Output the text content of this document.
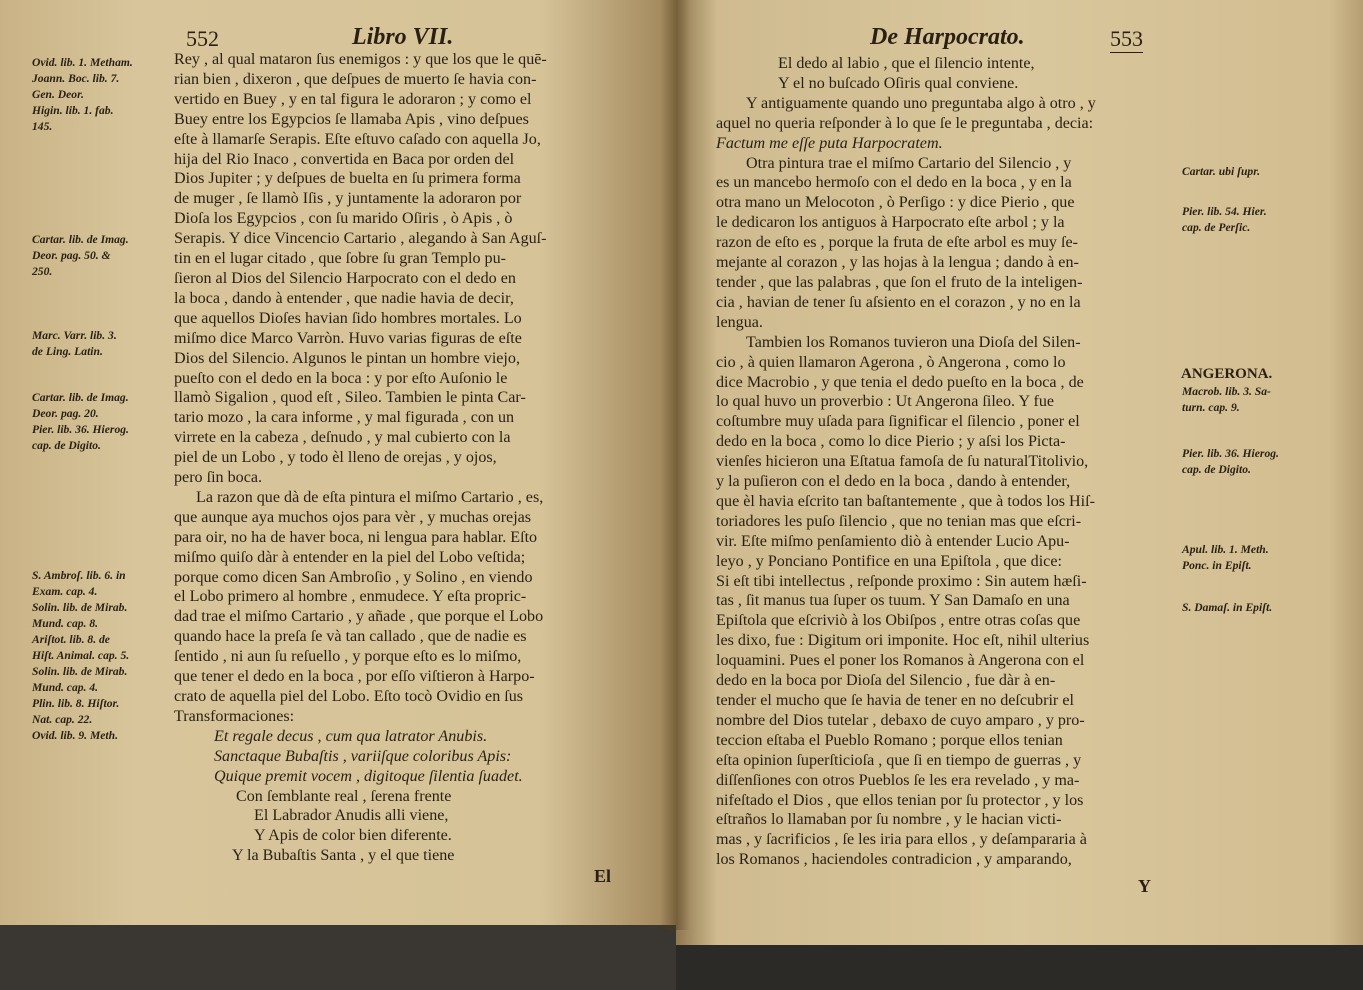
552	Libro VII.
Ovid. lib. 1. Metham.
Joann. Boc. lib. 7.
Gen. Deor.
Higin. lib. 1. fab.
145.
Cartar. lib. de Imag.
Deor. pag. 50. &
250.
Marc. Varr. lib. 3.
de Ling. Latin.
Cartar. lib. de Imag.
Deor. pag. 20.
Pier. lib. 36. Hierog.
cap. de Digito.
S. Ambroſ. lib. 6. in
Exam. cap. 4.
Solin. lib. de Mirab.
Mund. cap. 8.
Ariſtot. lib. 8. de
Hiſt. Animal. cap. 5.
Solin. lib. de Mirab.
Mund. cap. 4.
Plin. lib. 8. Hiſtor.
Nat. cap. 22.
Ovid. lib. 9. Meth.
Rey , al qual mataron ſus enemigos : y que los que le quē-
rian bien , dixeron , que deſpues de muerto ſe havia con-
vertido en Buey , y en tal figura le adoraron ; y como el
Buey entre los Egypcios ſe llamaba Apis , vino deſpues
eſte à llamarſe Serapis. Eſte eſtuvo caſado con aquella Jo,
hija del Rio Inaco , convertida en Baca por orden del
Dios Jupiter ; y deſpues de buelta en ſu primera forma
de muger , ſe llamò Iſis , y juntamente la adoraron por
Dioſa los Egypcios , con ſu marido Oſiris , ò Apis , ò
Serapis. Y dice Vincencio Cartario , alegando à San Aguſ-
tin en el lugar citado , que ſobre ſu gran Templo pu-
ſieron al Dios del Silencio Harpocrato con el dedo en
la boca , dando à entender , que nadie havia de decir,
que aquellos Dioſes havian ſido hombres mortales. Lo
miſmo dice Marco Varròn. Huvo varias figuras de eſte
Dios del Silencio. Algunos le pintan un hombre viejo,
pueſto con el dedo en la boca : y por eſto Auſonio le
llamò Sigalion , quod eſt , Sileo. Tambien le pinta Car-
tario mozo , la cara informe , y mal figurada , con un
virrete en la cabeza , deſnudo , y mal cubierto con la
piel de un Lobo , y todo èl lleno de orejas , y ojos,
pero ſin boca.
La razon que dà de eſta pintura el miſmo Cartario , es,
que aunque aya muchos ojos para vèr , y muchas orejas
para oir, no ha de haver boca, ni lengua para hablar. Eſto
miſmo quiſo dàr à entender en la piel del Lobo veſtida;
porque como dicen San Ambroſio , y Solino , en viendo
el Lobo primero al hombre , enmudece. Y eſta propric-
dad trae el miſmo Cartario , y añade , que porque el Lobo
quando hace la preſa ſe và tan callado , que de nadie es
ſentido , ni aun ſu reſuello , y porque eſto es lo miſmo,
que tener el dedo en la boca , por eſſo viſtieron à Harpo-
crato de aquella piel del Lobo. Eſto tocò Ovidio en ſus
Transformaciones:
Et regale decus , cum qua latrator Anubis.
Sanctaque Bubaſtis , variiſque coloribus Apis:
Quique premit vocem , digitoque ſilentia ſuadet.
Con ſemblante real , ſerena frente
El Labrador Anudis alli viene,
Y Apis de color bien diferente.
Y la Bubaſtis Santa , y el que tiene
El
De Harpocrato.	553
El dedo al labio , que el ſilencio intente,
Y el no buſcado Oſiris qual conviene.
Y antiguamente quando uno preguntaba algo à otro , y
aquel no queria reſponder à lo que ſe le preguntaba , decia:
Factum me eſſe puta Harpocratem.
Otra pintura trae el miſmo Cartario del Silencio , y
es un mancebo hermoſo con el dedo en la boca , y en la
otra mano un Melocoton , ò Perſigo : y dice Pierio , que
le dedicaron los antiguos à Harpocrato eſte arbol ; y la
razon de eſto es , porque la fruta de eſte arbol es muy ſe-
mejante al corazon , y las hojas à la lengua ; dando à en-
tender , que las palabras , que ſon el fruto de la inteligen-
cia , havian de tener ſu aſsiento en el corazon , y no en la
lengua.
Tambien los Romanos tuvieron una Dioſa del Silen-
cio , à quien llamaron Agerona , ò Angerona , como lo
dice Macrobio , y que tenia el dedo pueſto en la boca , de
lo qual huvo un proverbio : Ut Angerona ſileo. Y fue
coſtumbre muy uſada para ſignificar el ſilencio , poner el
dedo en la boca , como lo dice Pierio ; y aſsi los Picta-
vienſes hicieron una Eſtatua famoſa de ſu naturalTitolivio,
y la puſieron con el dedo en la boca , dando à entender,
que èl havia eſcrito tan baſtantemente , que à todos los Hiſ-
toriadores les puſo ſilencio , que no tenian mas que eſcri-
vir. Eſte miſmo penſamiento diò à entender Lucio Apu-
leyo , y Ponciano Pontifice en una Epiſtola , que dice:
Si eſt tibi intellectus , reſponde proximo : Sin autem hæſi-
tas , ſit manus tua ſuper os tuum. Y San Damaſo en una
Epiſtola que eſcriviò à los Obiſpos , entre otras coſas que
les dixo, fue : Digitum ori imponite. Hoc eſt, nihil ulterius
loquamini. Pues el poner los Romanos à Angerona con el
dedo en la boca por Dioſa del Silencio , fue dàr à en-
tender el mucho que ſe havia de tener en no deſcubrir el
nombre del Dios tutelar , debaxo de cuyo amparo , y pro-
teccion eſtaba el Pueblo Romano ; porque ellos tenian
eſta opinion ſuperſticioſa , que ſi en tiempo de guerras , y
diſſenſiones con otros Pueblos ſe les era revelado , y ma-
nifeſtado el Dios , que ellos tenian por ſu protector , y los
eſtraños lo llamaban por ſu nombre , y le hacian victi-
mas , y ſacrificios , ſe les iria para ellos , y deſampararia à
los Romanos , haciendoles contradicion , y amparando,
Cartar. ubi ſupr.
Pier. lib. 54. Hier.
cap. de Perſic.
ANGERONA.
Macrob. lib. 3. Sa-
turn. cap. 9.
Pier. lib. 36. Hierog.
cap. de Digito.
Apul. lib. 1. Meth.
Ponc. in Epiſt.
S. Damaſ. in Epiſt.
Y
